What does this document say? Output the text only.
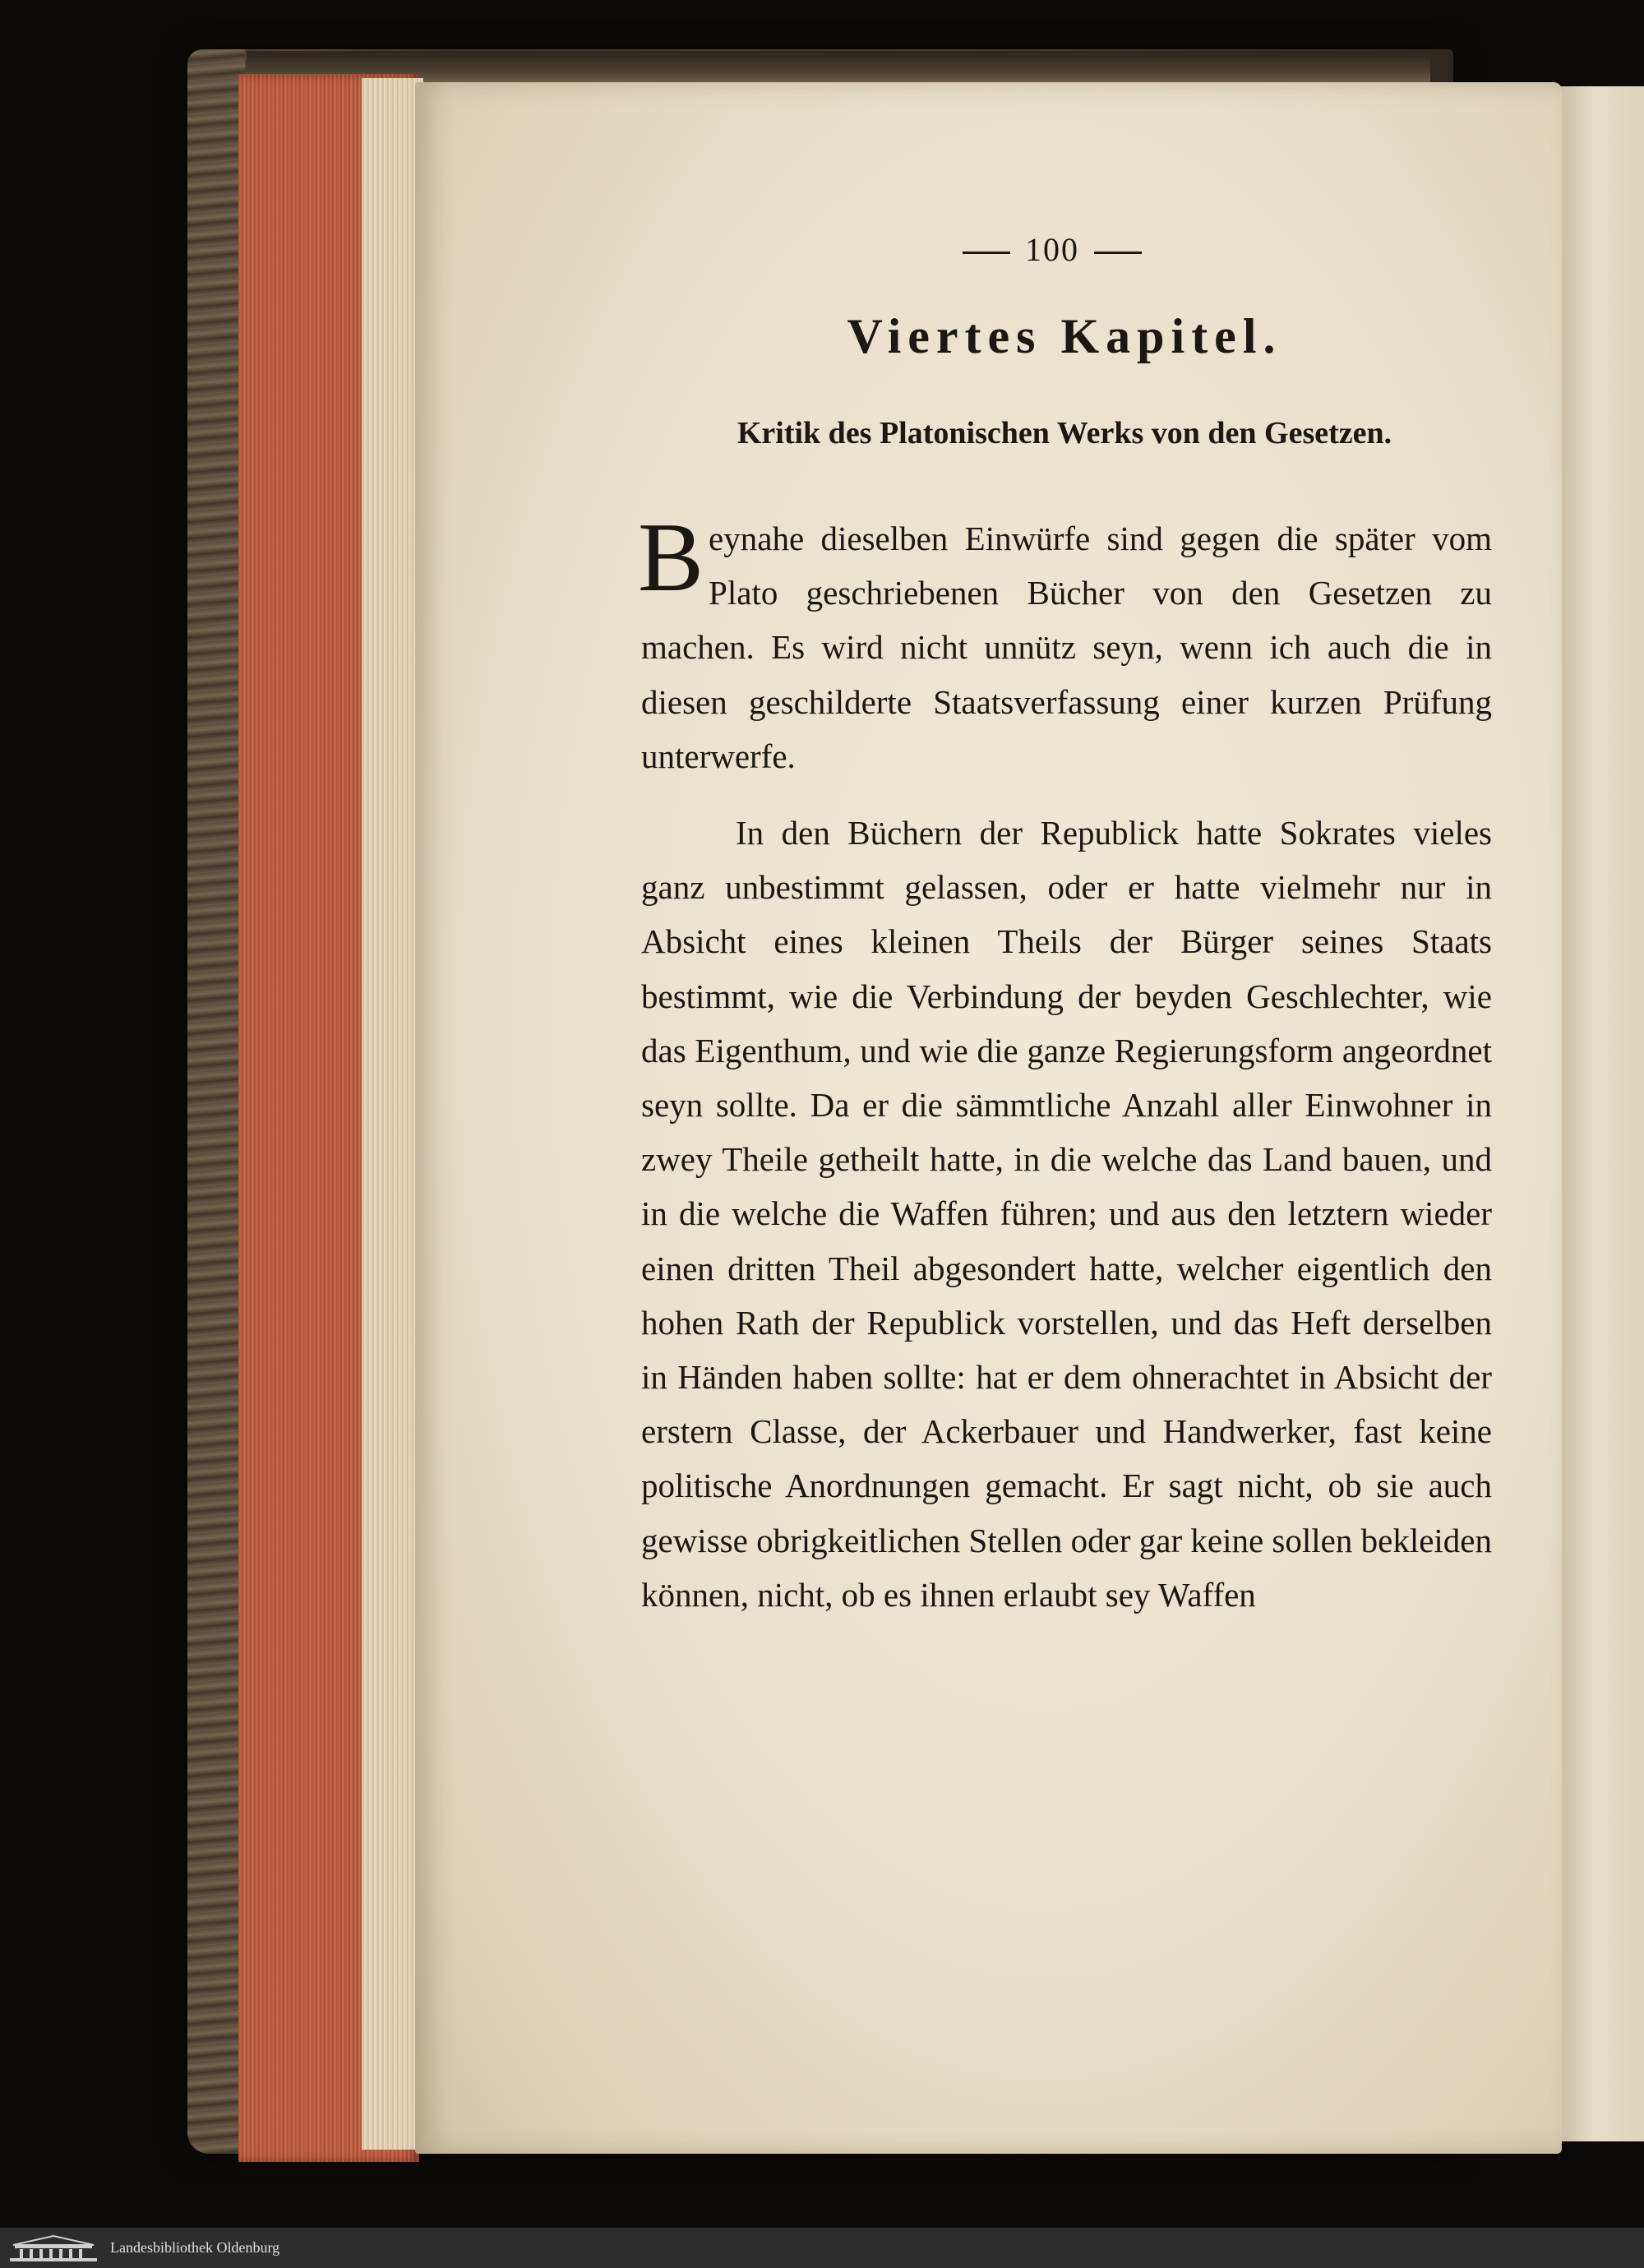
100
Viertes Kapitel.
Kritik des Platonischen Werks von den Gesetzen.
Beynahe dieselben Einwürfe sind gegen die später vom Plato geschriebenen Bücher von den Gesetzen zu machen. Es wird nicht unnütz seyn, wenn ich auch die in diesen geschilderte Staatsverfassung einer kurzen Prüfung unterwerfe.
In den Büchern der Republick hatte Sokrates vieles ganz unbestimmt gelassen, oder er hatte vielmehr nur in Absicht eines kleinen Theils der Bürger seines Staats bestimmt, wie die Verbindung der beyden Geschlechter, wie das Eigenthum, und wie die ganze Regierungsform angeordnet seyn sollte. Da er die sämmtliche Anzahl aller Einwohner in zwey Theile getheilt hatte, in die welche das Land bauen, und in die welche die Waffen führen; und aus den letztern wieder einen dritten Theil abgesondert hatte, welcher eigentlich den hohen Rath der Republick vorstellen, und das Heft derselben in Händen haben sollte: hat er dem ohnerachtet in Absicht der erstern Classe, der Ackerbauer und Handwerker, fast keine politische Anordnungen gemacht. Er sagt nicht, ob sie auch gewisse obrigkeitlichen Stellen oder gar keine sollen bekleiden können, nicht, ob es ihnen erlaubt sey Waffen
Landesbibliothek Oldenburg
